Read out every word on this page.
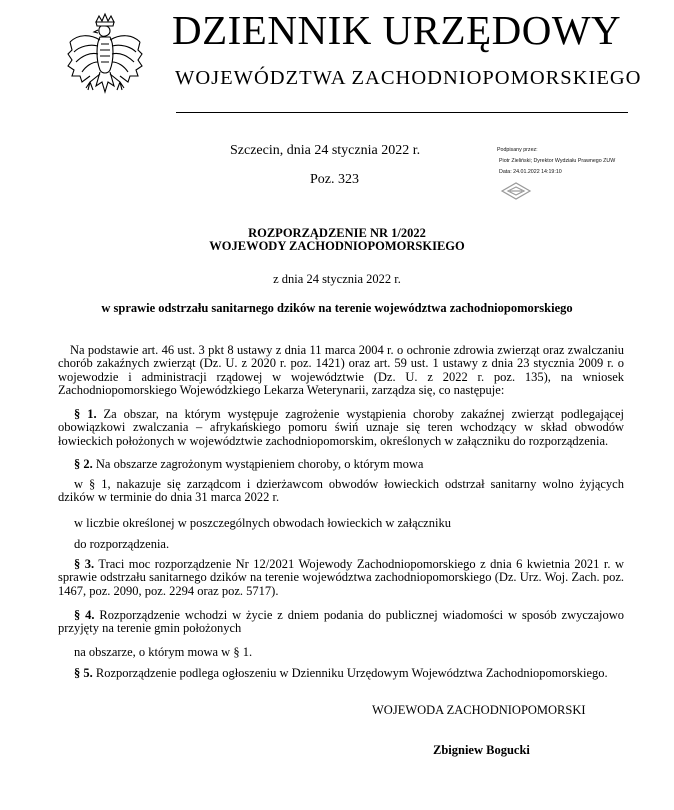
DZIENNIK URZĘDOWY
WOJEWÓDZTWA ZACHODNIOPOMORSKIEGO
Szczecin, dnia 24 stycznia 2022 r.
Poz. 323
Podpisany przez:
Piotr Zieliński; Dyrektor Wydziału Prawnego ZUW
Data: 24.01.2022 14:19:10
ROZPORZĄDZENIE NR 1/2022
WOJEWODY ZACHODNIOPOMORSKIEGO
z dnia 24 stycznia 2022 r.
w sprawie odstrzału sanitarnego dzików na terenie województwa zachodniopomorskiego
Na podstawie art. 46 ust. 3 pkt 8 ustawy z dnia 11 marca 2004 r. o ochronie zdrowia zwierząt oraz zwalczaniu chorób zakaźnych zwierząt (Dz. U. z 2020 r. poz. 1421) oraz art. 59 ust. 1 ustawy z dnia 23 stycznia 2009 r. o wojewodzie i administracji rządowej w województwie (Dz. U. z 2022 r. poz. 135), na wniosek Zachodniopomorskiego Wojewódzkiego Lekarza Weterynarii, zarządza się, co następuje:
§ 1. Za obszar, na którym występuje zagrożenie wystąpienia choroby zakaźnej zwierząt podlegającej obowiązkowi zwalczania – afrykańskiego pomoru świń uznaje się teren wchodzący w skład obwodów łowieckich położonych w województwie zachodniopomorskim, określonych w załączniku do rozporządzenia.
§ 2. Na obszarze zagrożonym wystąpieniem choroby, o którym mowa
w § 1, nakazuje się zarządcom i dzierżawcom obwodów łowieckich odstrzał sanitarny wolno żyjących dzików w terminie do dnia 31 marca 2022 r.
w liczbie określonej w poszczególnych obwodach łowieckich w załączniku
do rozporządzenia.
§ 3. Traci moc rozporządzenie Nr 12/2021 Wojewody Zachodniopomorskiego z dnia 6 kwietnia 2021 r. w sprawie odstrzału sanitarnego dzików na terenie województwa zachodniopomorskiego (Dz. Urz. Woj. Zach. poz. 1467, poz. 2090, poz. 2294 oraz poz. 5717).
§ 4. Rozporządzenie wchodzi w życie z dniem podania do publicznej wiadomości w sposób zwyczajowo przyjęty na terenie gmin położonych
na obszarze, o którym mowa w § 1.
§ 5. Rozporządzenie podlega ogłoszeniu w Dzienniku Urzędowym Województwa Zachodniopomorskiego.
WOJEWODA ZACHODNIOPOMORSKI
Zbigniew Bogucki
